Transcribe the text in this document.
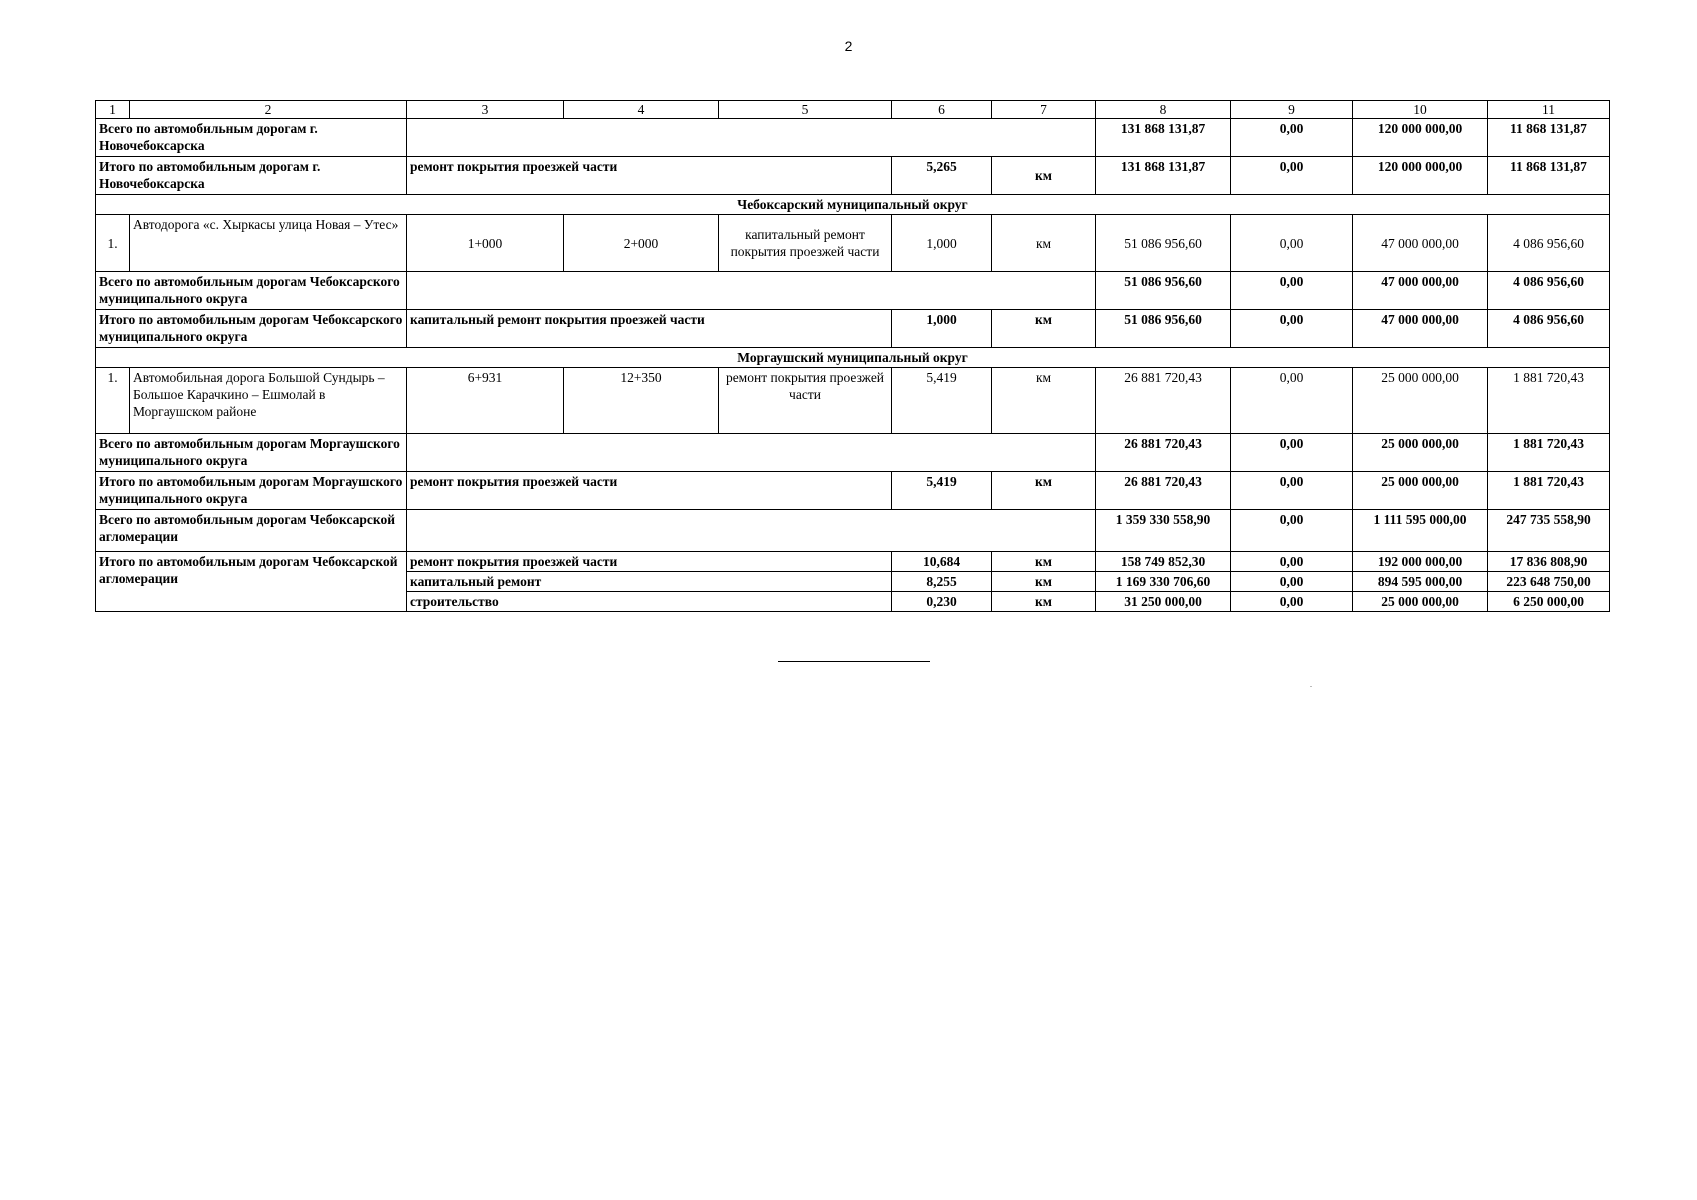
2
1	2	3	4	5	6	7	8	9	10	11
Всего по автомобильным дорогам г. Новочебоксарска							131 868 131,87	0,00	120 000 000,00	11 868 131,87
Итого по автомобильным дорогам г. Новочебоксарска		ремонт покрытия проезжей части			5,265	км	131 868 131,87	0,00	120 000 000,00	11 868 131,87
Чебоксарский муниципальный округ										
1.	Автодорога «с. Хыркасы улица Новая – Утес»	1+000	2+000	капитальный ремонт покрытия проезжей части	1,000	км	51 086 956,60	0,00	47 000 000,00	4 086 956,60
Всего по автомобильным дорогам Чебоксарского муниципального округа							51 086 956,60	0,00	47 000 000,00	4 086 956,60
Итого по автомобильным дорогам Чебоксарского муниципального округа		капитальный ремонт покрытия проезжей части			1,000	км	51 086 956,60	0,00	47 000 000,00	4 086 956,60
Моргаушский муниципальный округ										
1.	Автомобильная дорога Большой Сундырь – Большое Карачкино – Ешмолай в Моргаушском районе	6+931	12+350	ремонт покрытия проезжей части	5,419	км	26 881 720,43	0,00	25 000 000,00	1 881 720,43
Всего по автомобильным дорогам Моргаушского муниципального округа							26 881 720,43	0,00	25 000 000,00	1 881 720,43
Итого по автомобильным дорогам Моргаушского муниципального округа		ремонт покрытия проезжей части			5,419	км	26 881 720,43	0,00	25 000 000,00	1 881 720,43
Всего по автомобильным дорогам Чебоксарской агломерации							1 359 330 558,90	0,00	1 111 595 000,00	247 735 558,90
Итого по автомобильным дорогам Чебоксарской агломерации		ремонт покрытия проезжей части			10,684	км	158 749 852,30	0,00	192 000 000,00	17 836 808,90
		капитальный ремонт			8,255	км	1 169 330 706,60	0,00	894 595 000,00	223 648 750,00
		строительство			0,230	км	31 250 000,00	0,00	25 000 000,00	6 250 000,00
